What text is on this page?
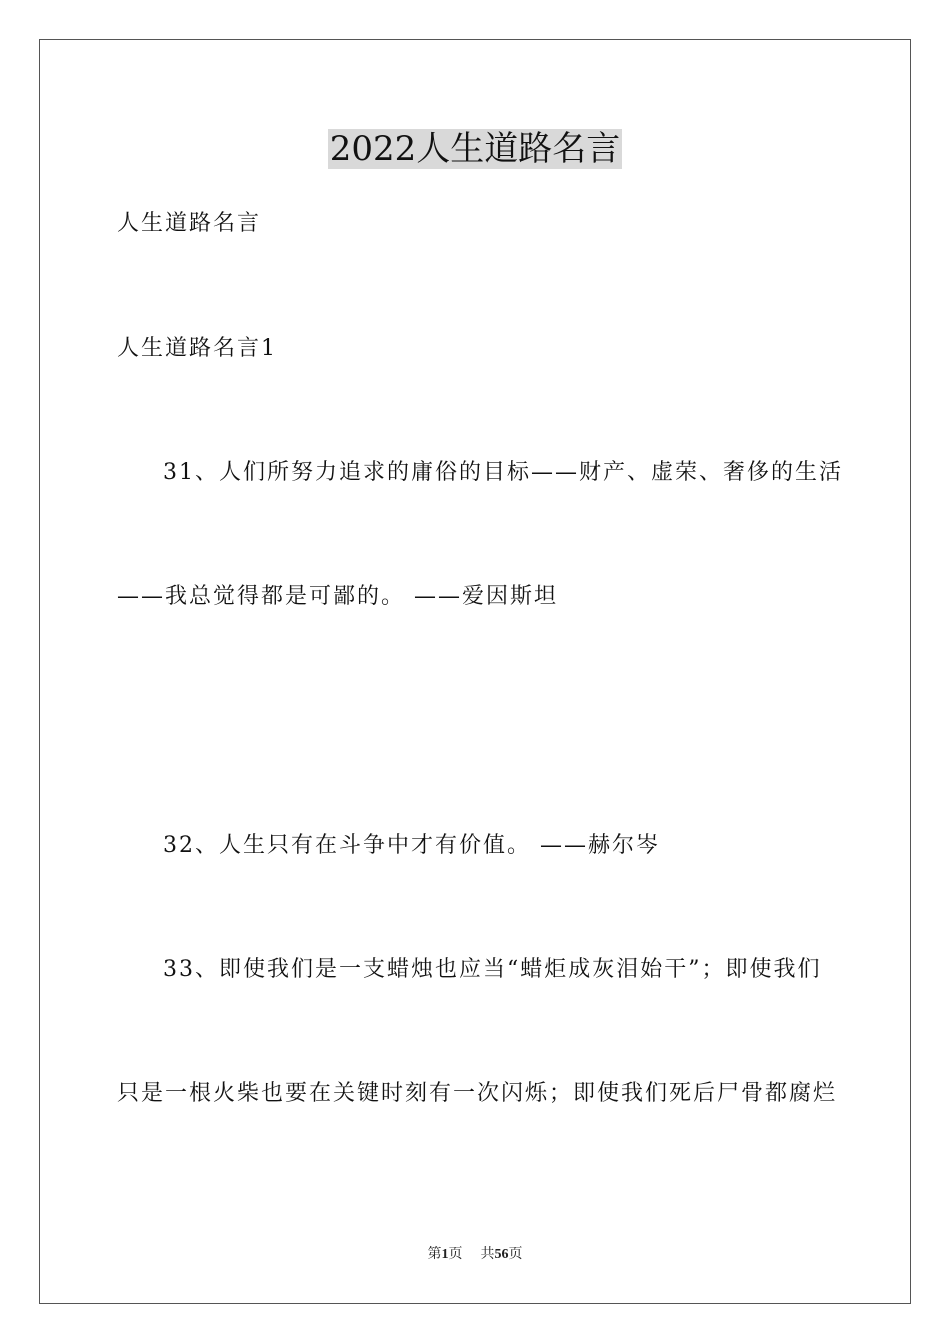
2022人生道路名言

人生道路名言

人生道路名言1

31、人们所努力追求的庸俗的目标——财产、虚荣、奢侈的生活

——我总觉得都是可鄙的。 ——爱因斯坦

32、人生只有在斗争中才有价值。 ——赫尔岑

33、即使我们是一支蜡烛也应当“蜡炬成灰泪始干”；即使我们

只是一根火柴也要在关键时刻有一次闪烁；即使我们死后尸骨都腐烂

第1页 共56页
